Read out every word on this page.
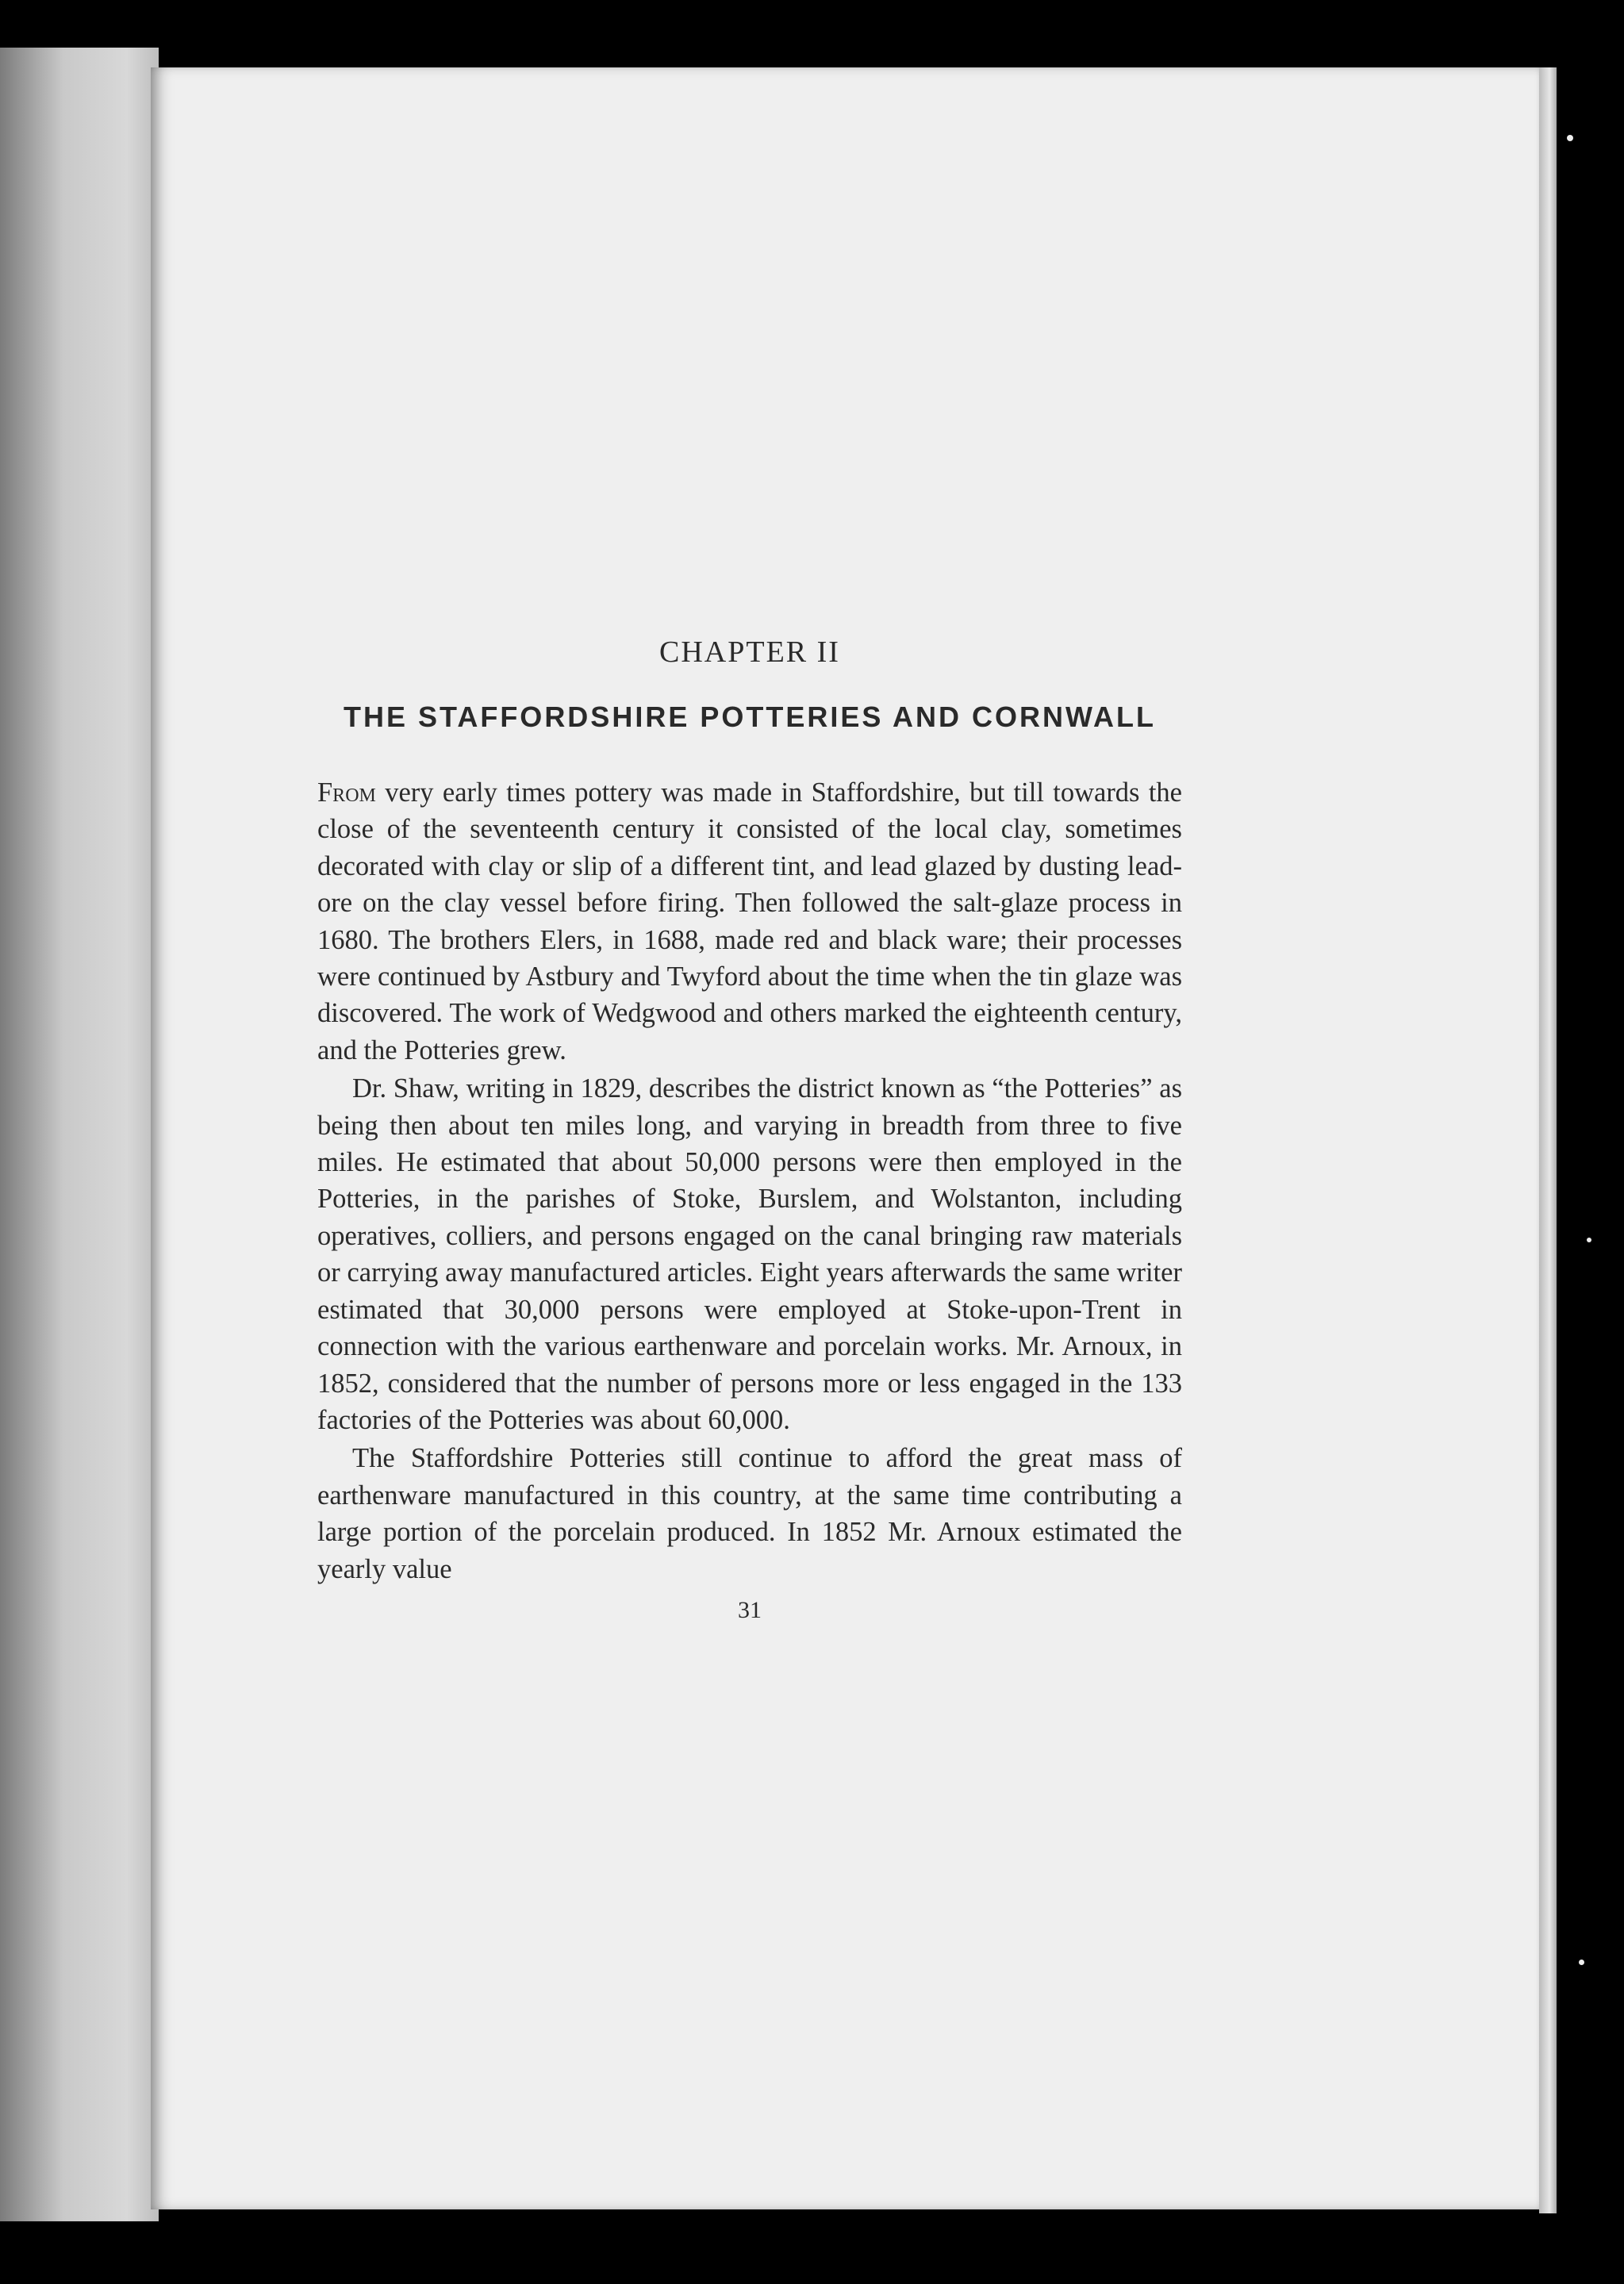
CHAPTER II
THE STAFFORDSHIRE POTTERIES AND CORNWALL

From very early times pottery was made in Staffordshire, but till towards the close of the seventeenth century it consisted of the local clay, sometimes decorated with clay or slip of a different tint, and lead glazed by dusting lead-ore on the clay vessel before firing. Then followed the salt-glaze process in 1680. The brothers Elers, in 1688, made red and black ware; their processes were continued by Astbury and Twyford about the time when the tin glaze was discovered. The work of Wedgwood and others marked the eighteenth century, and the Potteries grew.

Dr. Shaw, writing in 1829, describes the district known as “the Potteries” as being then about ten miles long, and varying in breadth from three to five miles. He estimated that about 50,000 persons were then employed in the Potteries, in the parishes of Stoke, Burslem, and Wolstanton, including operatives, colliers, and persons engaged on the canal bringing raw materials or carrying away manufactured articles. Eight years afterwards the same writer estimated that 30,000 persons were employed at Stoke-upon-Trent in connection with the various earthenware and porcelain works. Mr. Arnoux, in 1852, considered that the number of persons more or less engaged in the 133 factories of the Potteries was about 60,000.

The Staffordshire Potteries still continue to afford the great mass of earthenware manufactured in this country, at the same time contributing a large portion of the porcelain produced. In 1852 Mr. Arnoux estimated the yearly value

31
